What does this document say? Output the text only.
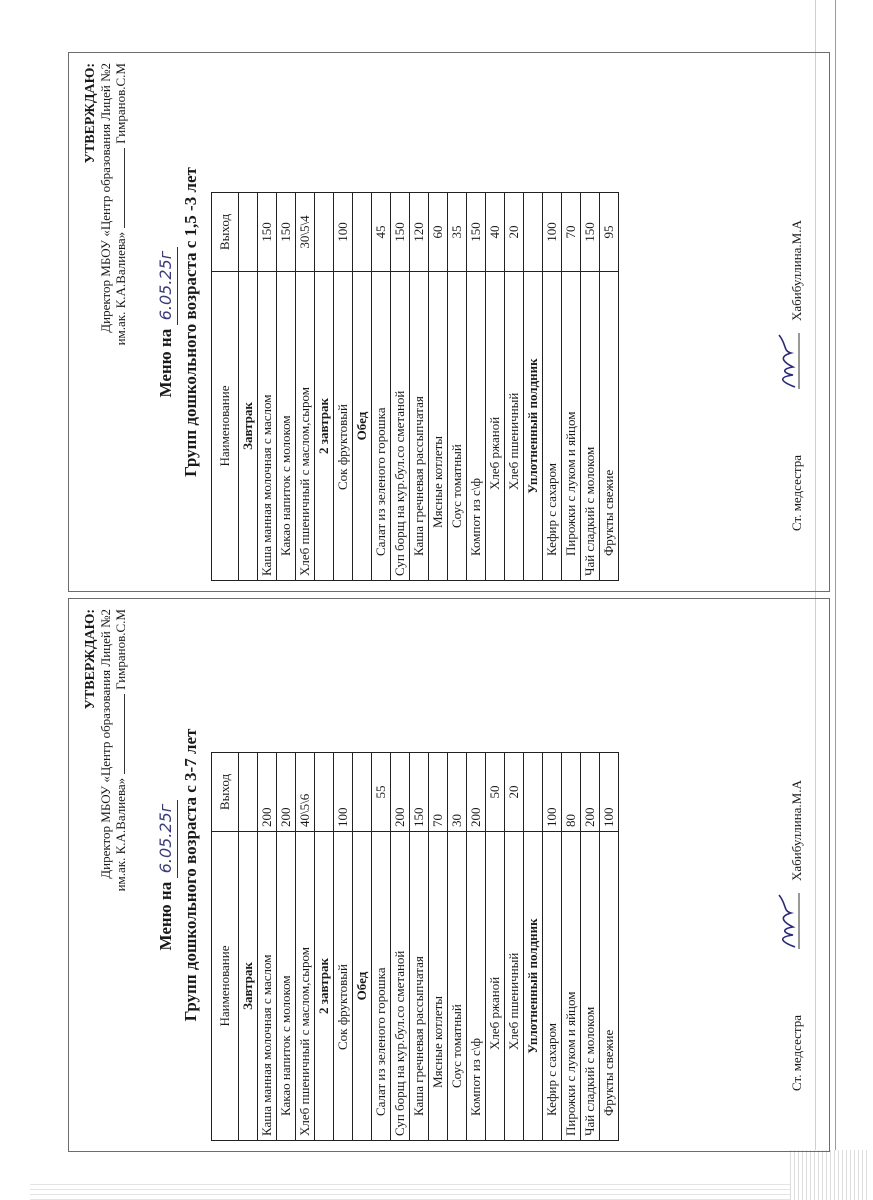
УТВЕРЖДАЮ: Директор МБОУ «Центр образования Лицей №2 им.ак. К.А.Валиева»Гимранов.С.М
Меню на 6.05.25г Групп дошкольного возраста с 1,5 -3 лет Наименование	Выход
Завтрак	
Каша манная молочная с маслом	150
Какао напиток с молоком	150
Хлеб пшеничный с маслом,сыром	30\5\4
2 завтрак	
Сок фруктовый	100
Обед	
Салат из зеленого горошка	45
Суп борщ на кур.бул.со сметаной	150
Каша гречневая рассыпчатая	120
Мясные котлеты	60
Соус томатный	35
Компот из с\ф	150
Хлеб ржаной	40
Хлеб пшеничный	20
Уплотненный полдник	
Кефир с сахаром	100
Пирожки с луком и яйцом	70
Чай сладкий с молоком	150
Фрукты свежие	95
Ст. медсестра
Хабибуллина.М.А
УТВЕРЖДАЮ: Директор МБОУ «Центр образования Лицей №2 им.ак. К.А.Валиева»Гимранов.С.М
Меню на 6.05.25г Групп дошкольного возраста с 3-7 лет Наименование	Выход
Завтрак	
Каша манная молочная с маслом	200
Какао напиток с молоком	200
Хлеб пшеничный с маслом,сыром	40\5\6
2 завтрак	
Сок фруктовый	100
Обед	
Салат из зеленого горошка	55
Суп борщ на кур.бул.со сметаной	200
Каша гречневая рассыпчатая	150
Мясные котлеты	70
Соус томатный	30
Компот из с\ф	200
Хлеб ржаной	50
Хлеб пшеничный	20
Уплотненный полдник	
Кефир с сахаром	100
Пирожки с луком и яйцом	80
Чай сладкий с молоком	200
Фрукты свежие	100
Ст. медсестра
Хабибуллина.М.А
